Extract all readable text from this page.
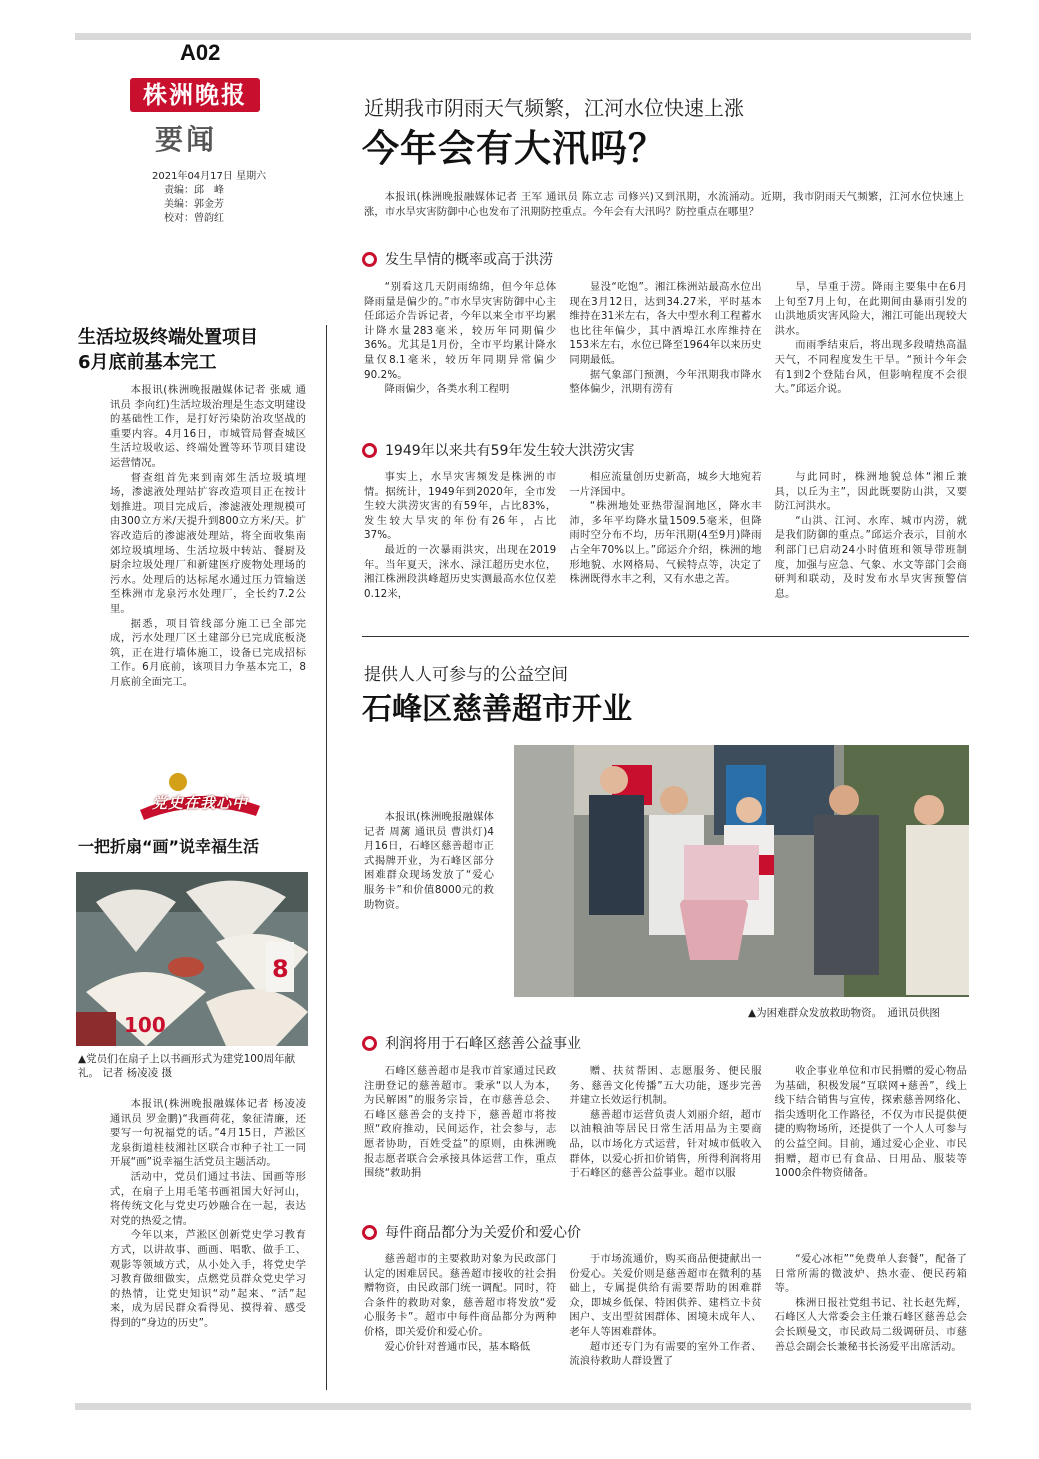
A02
株洲晚报
要闻
2021年04月17日 星期六
责编：邱　峰
美编：郭金芳
校对：曾韵红
近期我市阴雨天气频繁，江河水位快速上涨
今年会有大汛吗？

本报讯(株洲晚报融媒体记者 王军 通讯员 陈立志 司修兴)又到汛期，水流涌动。近期，我市阴雨天气频繁，江河水位快速上涨，市水旱灾害防御中心也发布了汛期防控重点。今年会有大汛吗？防控重点在哪里？

发生旱情的概率或高于洪涝

“别看这几天阴雨绵绵，但今年总体降雨量是偏少的。”市水旱灾害防御中心主任邱运介告诉记者，今年以来全市平均累计降水量283毫米，较历年同期偏少36%。尤其是1月份，全市平均累计降水量仅8.1毫米，较历年同期异常偏少90.2%。

降雨偏少，各类水利工程明

显没“吃饱”。湘江株洲站最高水位出现在3月12日，达到34.27米，平时基本维持在31米左右，各大中型水利工程蓄水也比往年偏少，其中酒埠江水库维持在153米左右，水位已降至1964年以来历史同期最低。

据气象部门预测，今年汛期我市降水整体偏少，汛期有涝有

旱，旱重于涝。降雨主要集中在6月上旬至7月上旬，在此期间由暴雨引发的山洪地质灾害风险大，湘江可能出现较大洪水。

而雨季结束后，将出现多段晴热高温天气，不同程度发生干旱。“预计今年会有1到2个登陆台风，但影响程度不会很大。”邱运介说。

1949年以来共有59年发生较大洪涝灾害

事实上，水旱灾害频发是株洲的市情。据统计，1949年到2020年，全市发生较大洪涝灾害的有59年，占比83%，发生较大旱灾的年份有26年，占比37%。

最近的一次暴雨洪灾，出现在2019年。当年夏天，洣水、渌江超历史水位，湘江株洲段洪峰超历史实测最高水位仅差0.12米，

相应流量创历史新高，城乡大地宛若一片泽国中。

“株洲地处亚热带湿润地区，降水丰沛，多年平均降水量1509.5毫米，但降雨时空分布不均，历年汛期(4至9月)降雨占全年70%以上。”邱运介介绍，株洲的地形地貌、水网格局、气候特点等，决定了株洲既得水丰之利，又有水患之苦。

与此同时，株洲地貌总体“湘丘兼具，以丘为主”，因此既要防山洪，又要防江河洪水。

“山洪、江河、水库、城市内涝，就是我们防御的重点。”邱运介表示，目前水利部门已启动24小时值班和领导带班制度，加强与应急、气象、水文等部门会商研判和联动，及时发布水旱灾害预警信息。

生活垃圾终端处置项目
6月底前基本完工

本报讯(株洲晚报融媒体记者 张威 通讯员 李向红)生活垃圾治理是生态文明建设的基础性工作，是打好污染防治攻坚战的重要内容。4月16日，市城管局督查城区生活垃圾收运、终端处置等环节项目建设运营情况。

督查组首先来到南郊生活垃圾填埋场，渗滤液处理站扩容改造项目正在按计划推进。项目完成后，渗滤液处理规模可由300立方米/天提升到800立方米/天。扩容改造后的渗滤液处理站，将全面收集南郊垃圾填埋场、生活垃圾中转站、餐厨及厨余垃圾处理厂和新建医疗废物处理场的污水。处理后的达标尾水通过压力管输送至株洲市龙泉污水处理厂，全长约7.2公里。

据悉，项目管线部分施工已全部完成，污水处理厂区土建部分已完成底板浇筑，正在进行墙体施工，设备已完成招标工作。6月底前，该项目力争基本完工，8月底前全面完工。

党史在我心中
一把折扇“画”说幸福生活
8
100
▲党员们在扇子上以书画形式为建党100周年献礼。 记者 杨凌凌 摄

本报讯(株洲晚报融媒体记者 杨凌凌 通讯员 罗金鹏)“我画荷花，象征清廉，还要写一句祝福党的话。”4月15日，芦淞区龙泉街道桂枝湘社区联合市种子社工一同开展“画”说幸福生活党员主题活动。

活动中，党员们通过书法、国画等形式，在扇子上用毛笔书画祖国大好河山，将传统文化与党史巧妙融合在一起，表达对党的热爱之情。

今年以来，芦淞区创新党史学习教育方式，以讲故事、画画、唱歌、做手工、观影等领域方式，从小处入手，将党史学习教育做细做实，点燃党员群众党史学习的热情，让党史知识“动”起来、“活”起来，成为居民群众看得见、摸得着、感受得到的“身边的历史”。

提供人人可参与的公益空间
石峰区慈善超市开业

本报讯(株洲晚报融媒体记者 周蓠 通讯员 曹洪灯)4月16日，石峰区慈善超市正式揭牌开业，为石峰区部分困难群众现场发放了“爱心服务卡”和价值8000元的救助物资。

▲为困难群众发放救助物资。　通讯员供图
利润将用于石峰区慈善公益事业

石峰区慈善超市是我市首家通过民政注册登记的慈善超市。秉承“以人为本，为民解困”的服务宗旨，在市慈善总会、石峰区慈善会的支持下，慈善超市将按照“政府推动，民间运作，社会参与，志愿者协助，百姓受益”的原则，由株洲晚报志愿者联合会承接具体运营工作，重点围绕“救助捐

赠、扶贫帮困、志愿服务、便民服务、慈善文化传播”五大功能，逐步完善并建立长效运行机制。

慈善超市运营负责人刘丽介绍，超市以油粮油等居民日常生活用品为主要商品，以市场化方式运营，针对城市低收入群体，以爱心折扣价销售，所得利润将用于石峰区的慈善公益事业。超市以服

收企事业单位和市民捐赠的爱心物品为基础，积极发展“互联网+慈善”，线上线下结合销售与宣传，探索慈善网络化、指尖透明化工作路径，不仅为市民提供便捷的购物场所，还提供了一个人人可参与的公益空间。目前，通过爱心企业、市民捐赠，超市已有食品、日用品、服装等1000余件物资储备。

每件商品都分为关爱价和爱心价

慈善超市的主要救助对象为民政部门认定的困难居民。慈善超市接收的社会捐赠物资，由民政部门统一调配。同时，符合条件的救助对象，慈善超市将发放“爱心服务卡”。超市中每件商品都分为两种价格，即关爱价和爱心价。

爱心价针对普通市民，基本略低

于市场流通价，购买商品便捷献出一份爱心。关爱价则是慈善超市在微利的基础上，专属提供给有需要帮助的困难群众，即城乡低保、特困供养、建档立卡贫困户、支出型贫困群体、困境未成年人、老年人等困难群体。

超市还专门为有需要的室外工作者、流浪待救助人群设置了

“爱心冰柜”“免费单人套餐”，配备了日常所需的微波炉、热水壶、便民药箱等。

株洲日报社党组书记、社长赵先辉，石峰区人大常委会主任兼石峰区慈善总会会长顾曼文，市民政局二级调研员、市慈善总会副会长兼秘书长汤爱平出席活动。
